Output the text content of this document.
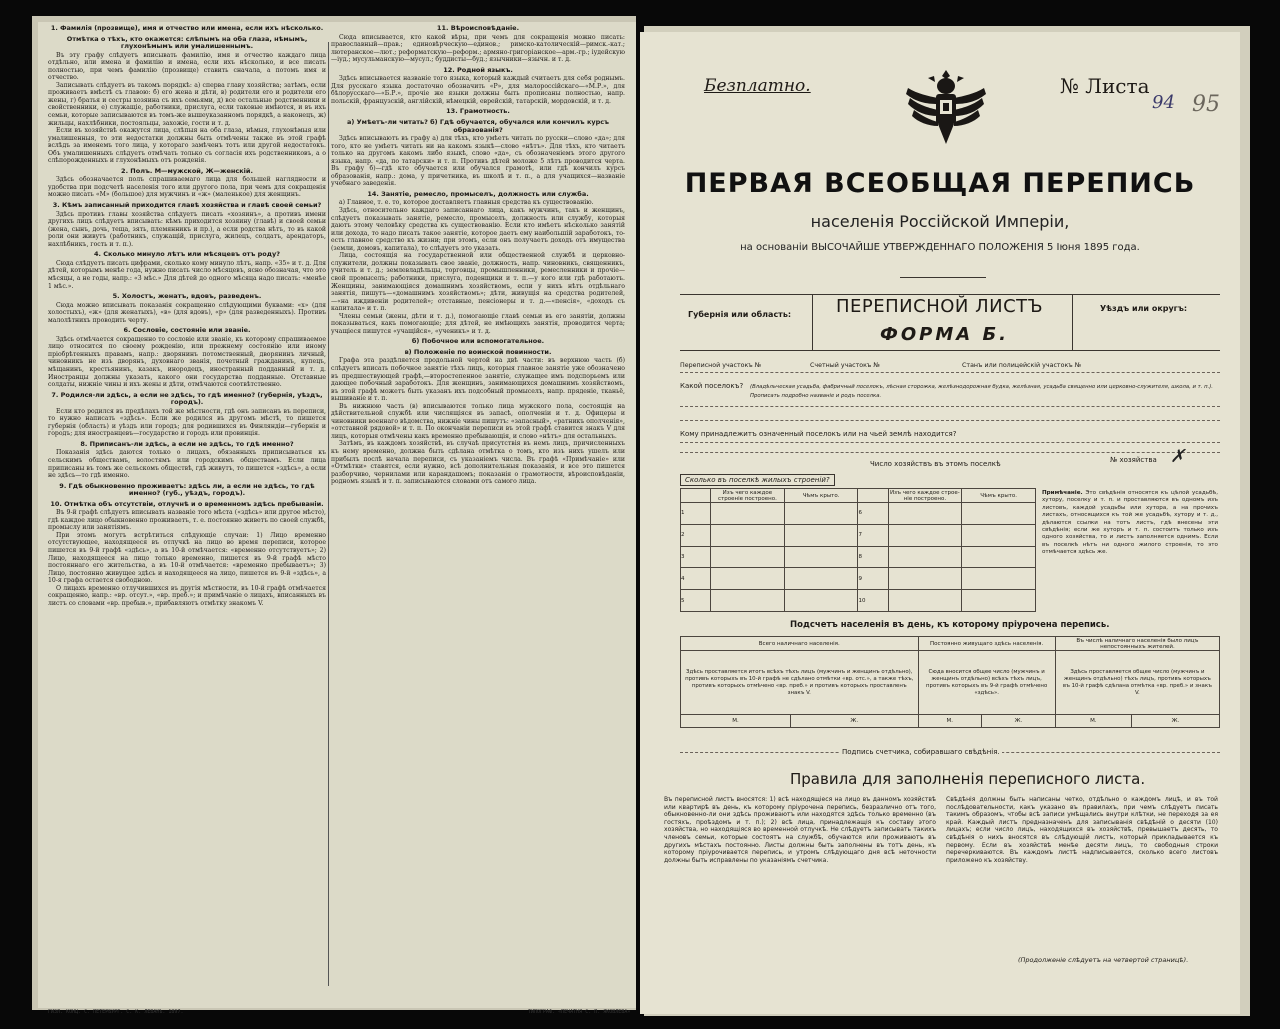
1. Фамилія (прозвище), имя и отчество или имена, если ихъ нѣсколько.

Отмѣтка о тѣхъ, кто окажется: слѣпымъ на оба глаза, нѣмымъ, глухонѣмымъ или умалишеннымъ.

Въ эту графу слѣдуетъ вписывать фамилію, имя и отчество каждаго лица отдѣльно, или имена и фамилію и имена, если ихъ нѣсколько, и все писать полностью, при чемъ фамилію (прозвище) ставить сначала, а потомъ имя и отчество.

Записывать слѣдуетъ въ такомъ порядкѣ: а) сперва главу хозяйства; затѣмъ, если проживаетъ вмѣстѣ съ главою: б) его жена и дѣти, в) родители его и родители его жены, г) братья и сестры хозяина съ ихъ семьями, д) все остальные родственники и свойственники, е) служащіе, работники, прислуга, если таковые имѣются, и въ ихъ семьи, которые записываются въ томъ-же вышеуказанномъ порядкѣ, а наконецъ, ж) жильцы, нахлѣбники, постояльцы, захожіе, гости и т. д.

Если въ хозяйствѣ окажутся лица, слѣпыя на оба глаза, нѣмыя, глухонѣмыя или умалишенныя, то эти недостатки должны быть отмѣчены также въ этой графѣ вслѣдъ за именемъ того лица, у котораго замѣченъ тотъ или другой недостатокъ. Объ умалишенныхъ слѣдуетъ отмѣчать только съ согласія ихъ родственниковъ, а о слѣпорожденныхъ и глухонѣмыхъ отъ рожденія.

2. Полъ. М—мужской, Ж—женскій.

Здѣсь обозначается полъ спрашиваемаго лица для большей наглядности и удобства при подсчетѣ населенія того или другого пола, при чемъ для сокращенія можно писать «М» (большое) для мужчинъ и «ж» (маленькое) для женщинъ.

3. Кѣмъ записанный приходится главѣ хозяйства и главѣ своей семьи?

Здѣсь противъ главы хозяйства слѣдуетъ писать «хозяинъ», а противъ имени другихъ лицъ слѣдуетъ вписывать: кѣмъ приходится хозяину (главѣ) и своей семьи (жена, сынъ, дочь, теща, зять, племянникъ и пр.), а если родства нѣтъ, то въ какой роли они живутъ (работникъ, служащій, прислуга, жилецъ, солдатъ, арендаторъ, нахлѣбникъ, гость и т. п.).

4. Сколько минуло лѣтъ или мѣсяцевъ отъ роду?

Сюда слѣдуетъ писать цифрами, сколько кому минуло лѣтъ, напр. «35» и т. д. Для дѣтей, которымъ менѣе года, нужно писать число мѣсяцевъ, ясно обозначая, что это мѣсяцы, а не годы, напр.: «3 мѣс.» Для дѣтей до одного мѣсяца надо писать: «менѣе 1 мѣс.».

5. Холостъ, женатъ, вдовъ, разведенъ.

Сюда можно вписывать показанія сокращенно слѣдующими буквами: «х» (для холостыхъ), «ж» (для женатыхъ), «в» (для вдовъ), «р» (для разведенныхъ). Противъ малолѣтнихъ проводить черту.

6. Сословіе, состояніе или званіе.

Здѣсь отмѣчается сокращенно то сословіе или званіе, къ которому спрашиваемое лицо относится по своему рожденію, или прежнему состоянію или иному пріобрѣтенныхъ правамъ, напр.: дворянинъ потомственный, дворянинъ личный, чиновникъ не изъ дворянъ, духовнаго званія, почетный гражданинъ, купецъ, мѣщанинъ, крестьянинъ, казакъ, инородецъ, иностранный подданный и т. д. Иностранцы должны указать, какого они государства подданные. Отставные солдаты, нижніе чины и ихъ жены и дѣти, отмѣчаются соотвѣтственно.

7. Родился-ли здѣсь, а если не здѣсь, то гдѣ именно? (губернія, уѣздъ, городъ).

Если кто родился въ предѣлахъ той же мѣстности, гдѣ онъ записанъ въ переписи, то нужно написать «здѣсь». Если же родился въ другомъ мѣстѣ, то пишется губернія (область) и уѣздъ или городъ; для родившихся въ Финляндіи—губернія и городъ; для иностранцевъ—государство и городъ или провинція.

8. Приписанъ-ли здѣсь, а если не здѣсь, то гдѣ именно?

Показанія здѣсь даются только о лицахъ, обязанныхъ приписываться къ сельскимъ обществамъ, волостямъ или городскимъ обществамъ. Если лица приписаны въ томъ же сельскомъ обществѣ, гдѣ живутъ, то пишется «здѣсь», а если не здѣсь—то гдѣ именно.

9. Гдѣ обыкновенно проживаетъ: здѣсь ли, а если не здѣсь, то гдѣ именно? (губ., уѣздъ, городъ).

10. Отмѣтка объ отсутствіи, отлучнѣ и о временномъ здѣсь пребываніи.

Въ 9-й графѣ слѣдуетъ вписывать названіе того мѣста («здѣсь» или другое мѣсто), гдѣ каждое лицо обыкновенно проживаетъ, т. е. постоянно живетъ по своей службѣ, промыслу или занятіямъ.

При этомъ могутъ встрѣтиться слѣдующіе случаи: 1) Лицо временно отсутствующее, находящееся въ отлучкѣ на лицо во время переписи, которое пишется въ 9-й графѣ «здѣсь», а въ 10-й отмѣчается: «временно отсутствуетъ»; 2) Лицо, находящееся на лицо только временно, пишется въ 9-й графѣ мѣсто постояннаго его жительства, а въ 10-й отмѣчается: «временно пребываетъ»; 3) Лицо, постоянно живущее здѣсь и находящееся на лицо, пишется въ 9-й «здѣсь», а 10-я графа остается свободною.

О лицахъ временно отлучившихся въ другія мѣстности, въ 10-й графѣ отмѣчается сокращенно, напр.: «вр. отсут.», «вр. преб.»; и примѣчаніе о лицахъ, вписанныхъ въ листъ со словами «вр. пребыв.», прибавляютъ отмѣтку знакомъ V.

11. Вѣроисповѣданіе.

Сюда вписывается, кто какой вѣры, при чемъ для сокращенія можно писать: православный—прав.; единовѣрческую—единов.; римско-католическій—римск.-кат.; лютеранское—лют.; реформатскую—реформ.; армяно-григоріанское—арм.-гр.; іудейскую—іуд.; мусульманскую—мусул.; буддисты—буд.; язычники—язычн. и т. д.

12. Родной языкъ.

Здѣсь вписывается названіе того языка, который каждый считаетъ для себя роднымъ. Для русскаго языка достаточно обозначить «Р», для малороссійскаго—«М.Р.», для бѣлорусскаго—«Б.Р.», прочіе же языки должны быть прописаны полностью, напр. польскій, французскій, англійскій, нѣмецкій, еврейскій, татарскій, мордовскій, и т. д.

13. Грамотность.

а) Умѣетъ-ли читать? б) Гдѣ обучается, обучался или кончилъ курсъ образованія?

Здѣсь вписываютъ въ графу а) для тѣхъ, кто умѣетъ читать по русски—слово «да»; для того, кто не умѣетъ читать ни на какомъ языкѣ—слово «нѣтъ». Для тѣхъ, кто читаетъ только на другомъ какомъ либо языкѣ, слово «да», съ обозначеніемъ этого другого языка, напр. «да, по татарски» и т. п. Противъ дѣтей моложе 5 лѣтъ проводится черта. Въ графу б)—гдѣ кто обучается или обучался грамотѣ, или гдѣ кончилъ курсъ образованія, напр.: дома, у причетника, въ школѣ и т. п., а для учащихся—названіе учебнаго заведенія.

14. Занятіе, ремесло, промыселъ, должность или служба.

а) Главное, т. е. то, которое доставляетъ главныя средства къ существованію.

Здѣсь, относительно каждаго записаннаго лица, какъ мужчинъ, такъ и женщинъ, слѣдуетъ показывать занятіе, ремесло, промыселъ, должность или службу, которыя даютъ этому человѣку средства къ существованію. Если кто имѣетъ нѣсколько занятій или дохода, то надо писать такое занятіе, которое даетъ ему наибольшій заработокъ, то-есть главное средство къ жизни; при этомъ, если онъ получаетъ доходъ отъ имущества (земли, домовъ, капитала), то слѣдуетъ это указать.

Лица, состоящія на государственной или общественной службѣ и церковно-служители, должны показывать свое званіе, должность, напр. чиновникъ, священникъ, учитель и т. д.; землевладѣльцы, торговцы, промышленники, ремесленники и прочіе—свой промыселъ; работники, прислуга, поденщики и т. п.—у кого или гдѣ работаютъ. Женщины, занимающіяся домашнимъ хозяйствомъ, если у нихъ нѣтъ отдѣльнаго занятія, пишутъ—«домашнимъ хозяйствомъ»; дѣти, живущія на средства родителей,—«на иждивеніи родителей»; отставные, пенсіонеры и т. д.—«пенсія», «доходъ съ капитала» и т. п.

Члены семьи (жены, дѣти и т. д.), помогающіе главѣ семьи въ его занятіи, должны показываться, какъ помогающіе; для дѣтей, не имѣющихъ занятія, проводится черта; учащіеся пишутся «учащійся», «ученикъ» и т. д.

б) Побочное или вспомогательное.

в) Положеніе по воинской повинности.

Графа эта раздѣляется продольной чертой на двѣ части: въ верхнюю часть (б) слѣдуетъ вписать побочное занятіе тѣхъ лицъ, которыя главное занятіе уже обозначено въ предшествующей графѣ,—второстепенное занятіе, служащее имъ подспорьемъ или дающее побочный заработокъ. Для женщинъ, занимающихся домашнимъ хозяйствомъ, въ этой графѣ можетъ быть указанъ ихъ подсобный промыселъ, напр. пряденіе, тканьё, вышиваніе и т. п.

Въ нижнюю часть (в) вписываются только лица мужского пола, состоящія на дѣйствительной службѣ или числящіяся въ запасѣ, ополченіи и т. д. Офицеры и чиновники военнаго вѣдомства, нижніе чины пишутъ: «запасный», «ратникъ ополченія», «отставной рядовой» и т. п. По окончаніи переписи въ этой графѣ ставится знакъ V для лицъ, которыя отмѣчены какъ временно пребывающія, и слово «нѣтъ» для остальныхъ.

Затѣмъ, въ каждомъ хозяйствѣ, въ случаѣ присутствія въ немъ лицъ, причисленныхъ къ нему временно, должна быть сдѣлана отмѣтка о томъ, кто изъ нихъ ушелъ или прибылъ послѣ начала переписи, съ указаніемъ числа. Въ графѣ «Примѣчаніе» или «Отмѣтки» ставятся, если нужно, всѣ дополнительныя показанія, и все это пишется разборчиво, чернилами или карандашомъ; показанія о грамотности, вѣроисповѣданіи, родномъ языкѣ и т. п. записываются словами отъ самого лица.

ГИЗЛ. КОНЦ. С. ПЕТЕРБУРГ. С. К. ЛЕВАНЪ. 1897.	ТИПОГРАФ. «ПЕЧАТНЯ С. П. ЯКОВЛЕВА»
Безплатно.	№ Листа
94 95
ПЕРВАЯ ВСЕОБЩАЯ ПЕРЕПИСЬ
населенія Россійской Имперіи,
на основаніи ВЫСОЧАЙШЕ УТВЕРЖДЕННАГО ПОЛОЖЕНІЯ 5 Іюня 1895 года.
Губернія или область: ПЕРЕПИСНОЙ ЛИСТЪ
ФОРМА Б.
Уѣздъ или округъ:
Переписной участокъ №	Счетный участокъ №	Станъ или полицейскій участокъ №
Какой поселокъ? (Владѣльческая усадьба, фабричный поселокъ, лѣсная сторожка, желѣзнодорожная будка, желѣзная, усадьба священно или церковно-служителя, школа, и т. п.). Прописать подробно названіе и родъ поселка.
Кому принадлежитъ означенный поселокъ или на чьей землѣ находится?
Число хозяйствъ въ этомъ поселкѣ	№ хозяйства ✗
Сколько въ поселкѣ жилыхъ строеній?
	Изъ чего каждое строеніе построено.	Чѣмъ крыто.		Изъ чего каждое строе-ніе построено.	Чѣмъ крыто.
1			6		
2			7		
3			8		
4			9		
5			10		
Примѣчаніе. Это свѣдѣнія относятся къ цѣлой усадьбѣ, хутору, поселку и т. п. и проставляются въ одномъ изъ листовъ, каждой усадьбы или хутора, а на прочихъ листахъ, относящихся къ той же усадьбѣ, хутору и т. д., дѣлаются ссылки на тотъ листъ, гдѣ внесены эти свѣдѣнія; если же хуторъ и т. п. состоитъ только изъ одного хозяйства, то и листъ заполняется однимъ. Если въ поселкѣ нѣтъ ни одного жилого строенія, то это отмѣчается здѣсь же.
Подсчетъ населенія въ день, къ которому пріурочена перепись.
Всего наличнаго населенія.		Постоянно живущаго здѣсь населенія.		Въ числѣ наличнаго населенія было лицъ непостоянныхъ жителей.	
Здѣсь проставляется итогъ всѣхъ тѣхъ лицъ (мужчинъ и женщинъ отдѣльно), противъ которыхъ въ 10-й графѣ не сдѣлано отмѣтки «вр. отс.», а также тѣхъ, противъ которыхъ отмѣчено «вр. преб.» и противъ которыхъ проставленъ знакъ V.		Сюда вносится общее число (мужчинъ и женщинъ отдѣльно) всѣхъ тѣхъ лицъ, противъ которыхъ въ 9-й графѣ отмѣчено «здѣсь».		Здѣсь проставляется общее число (мужчинъ и женщинъ отдѣльно) тѣхъ лицъ, противъ которыхъ въ 10-й графѣ сдѣлана отмѣтка «вр. преб.» и знакъ V.	
М.	Ж.	М.	Ж.	М.	Ж.
Подпись счетчика, собиравшаго свѣдѣнія.
Правила для заполненія переписного листа.
Въ переписной листъ вносятся: 1) всѣ находящіеся на лицо въ данномъ хозяйствѣ или квартирѣ въ день, къ которому пріурочена перепись, безразлично отъ того, обыкновенно-ли они здѣсь проживаютъ или находятся здѣсь только временно (въ гостяхъ, проѣздомъ и т. п.); 2) всѣ лица, принадлежащія къ составу этого хозяйства, но находящіяся во временной отлучкѣ. Не слѣдуетъ записывать такихъ членовъ семьи, которые состоятъ на службѣ, обучаются или проживаютъ въ другихъ мѣстахъ постоянно. Листы должны быть заполнены въ тотъ день, къ которому пріурочивается перепись, и утромъ слѣдующаго дня всѣ неточности должны быть исправлены по указаніямъ счетчика.
Свѣдѣнія должны быть написаны четко, отдѣльно о каждомъ лицѣ, и въ той послѣдовательности, какъ указано въ правилахъ, при чемъ слѣдуетъ писать такимъ образомъ, чтобы всѣ записи умѣщались внутри клѣтки, не переходя за ея край. Каждый листъ предназначенъ для записыванія свѣдѣній о десяти (10) лицахъ; если число лицъ, находящихся въ хозяйствѣ, превышаетъ десять, то свѣдѣнія о нихъ вносятся въ слѣдующій листъ, который прикладывается къ первому. Если въ хозяйствѣ менѣе десяти лицъ, то свободныя строки перечеркиваются. Въ каждомъ листѣ надписывается, сколько всего листовъ приложено къ хозяйству.
(Продолженіе слѣдуетъ на четвертой страницѣ).
